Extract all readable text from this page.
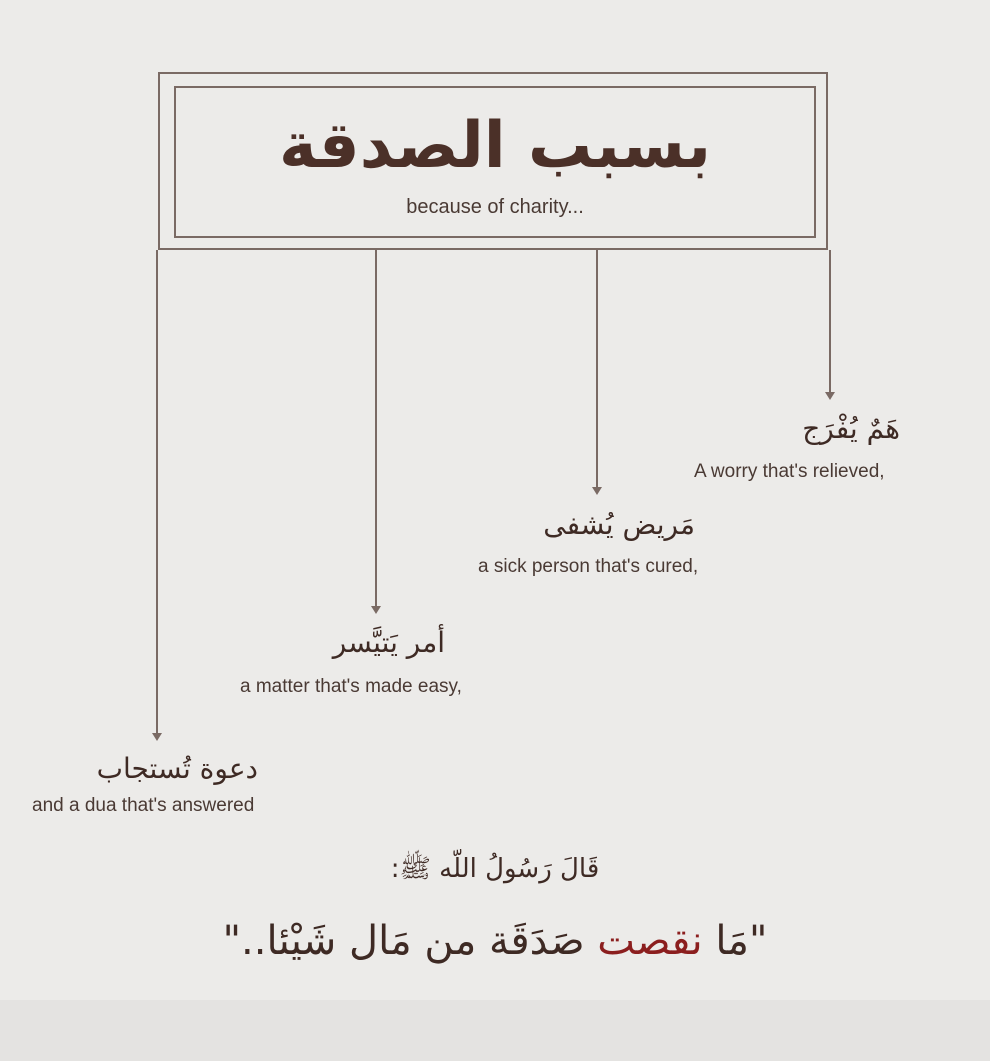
بسبب الصدقة
because of charity...
هَمٌ يُفْرَج
A worry that's relieved,
مَريض يُشفى
a sick person that's cured,
أمر يَتيَّسر
a matter that's made easy,
دعوة تُستجاب
and a dua that's answered
قَالَ رَسُولُ اللّه ﷺ:
"مَا نقصت صَدَقَة من مَال شَيْئا.."
